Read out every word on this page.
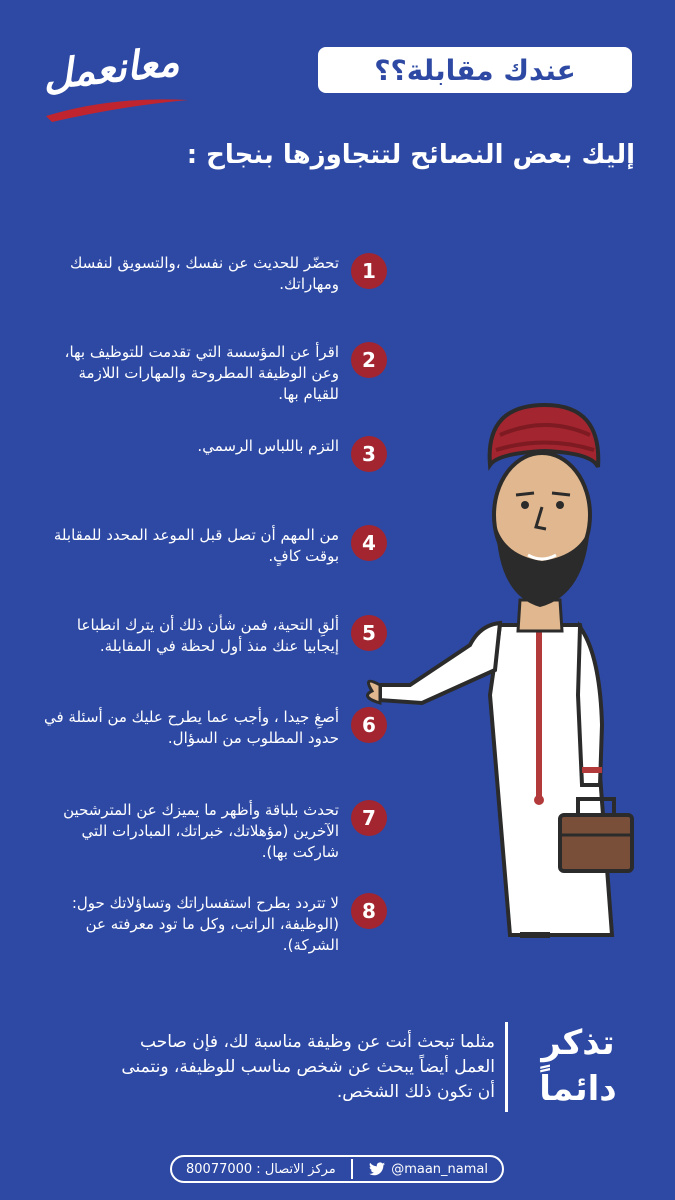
معانعمل	عندك مقابلة؟؟
إليك بعض النصائح لتتجاوزها بنجاح :
1
تحضّر للحديث عن نفسك ،والتسويق لنفسك ومهاراتك.
2
اقرأ عن المؤسسة التي تقدمت للتوظيف بها، وعن الوظيفة المطروحة والمهارات اللازمة للقيام بها.
3
التزم باللباس الرسمي.
4
من المهم أن تصل قبل الموعد المحدد للمقابلة بوقت كافٍ.
5
ألقِ التحية، فمن شأن ذلك أن يترك انطباعا إيجابيا عنك منذ أول لحظة في المقابلة.
6
أصغِ جيدا ، وأجب عما يطرح عليك من أسئلة في حدود المطلوب من السؤال.
7
تحدث بلباقة وأظهر ما يميزك عن المترشحين الآخرين (مؤهلاتك، خبراتك، المبادرات التي شاركت بها).
8
لا تتردد بطرح استفساراتك وتساؤلاتك حول: (الوظيفة، الراتب، وكل ما تود معرفته عن الشركة).
تذكر
دائماً
مثلما تبحث أنت عن وظيفة مناسبة لك، فإن صاحب العمل أيضاً يبحث عن شخص مناسب للوظيفة، ونتمنى أن تكون ذلك الشخص.
مركز الاتصال : 80077000	@maan_namal
